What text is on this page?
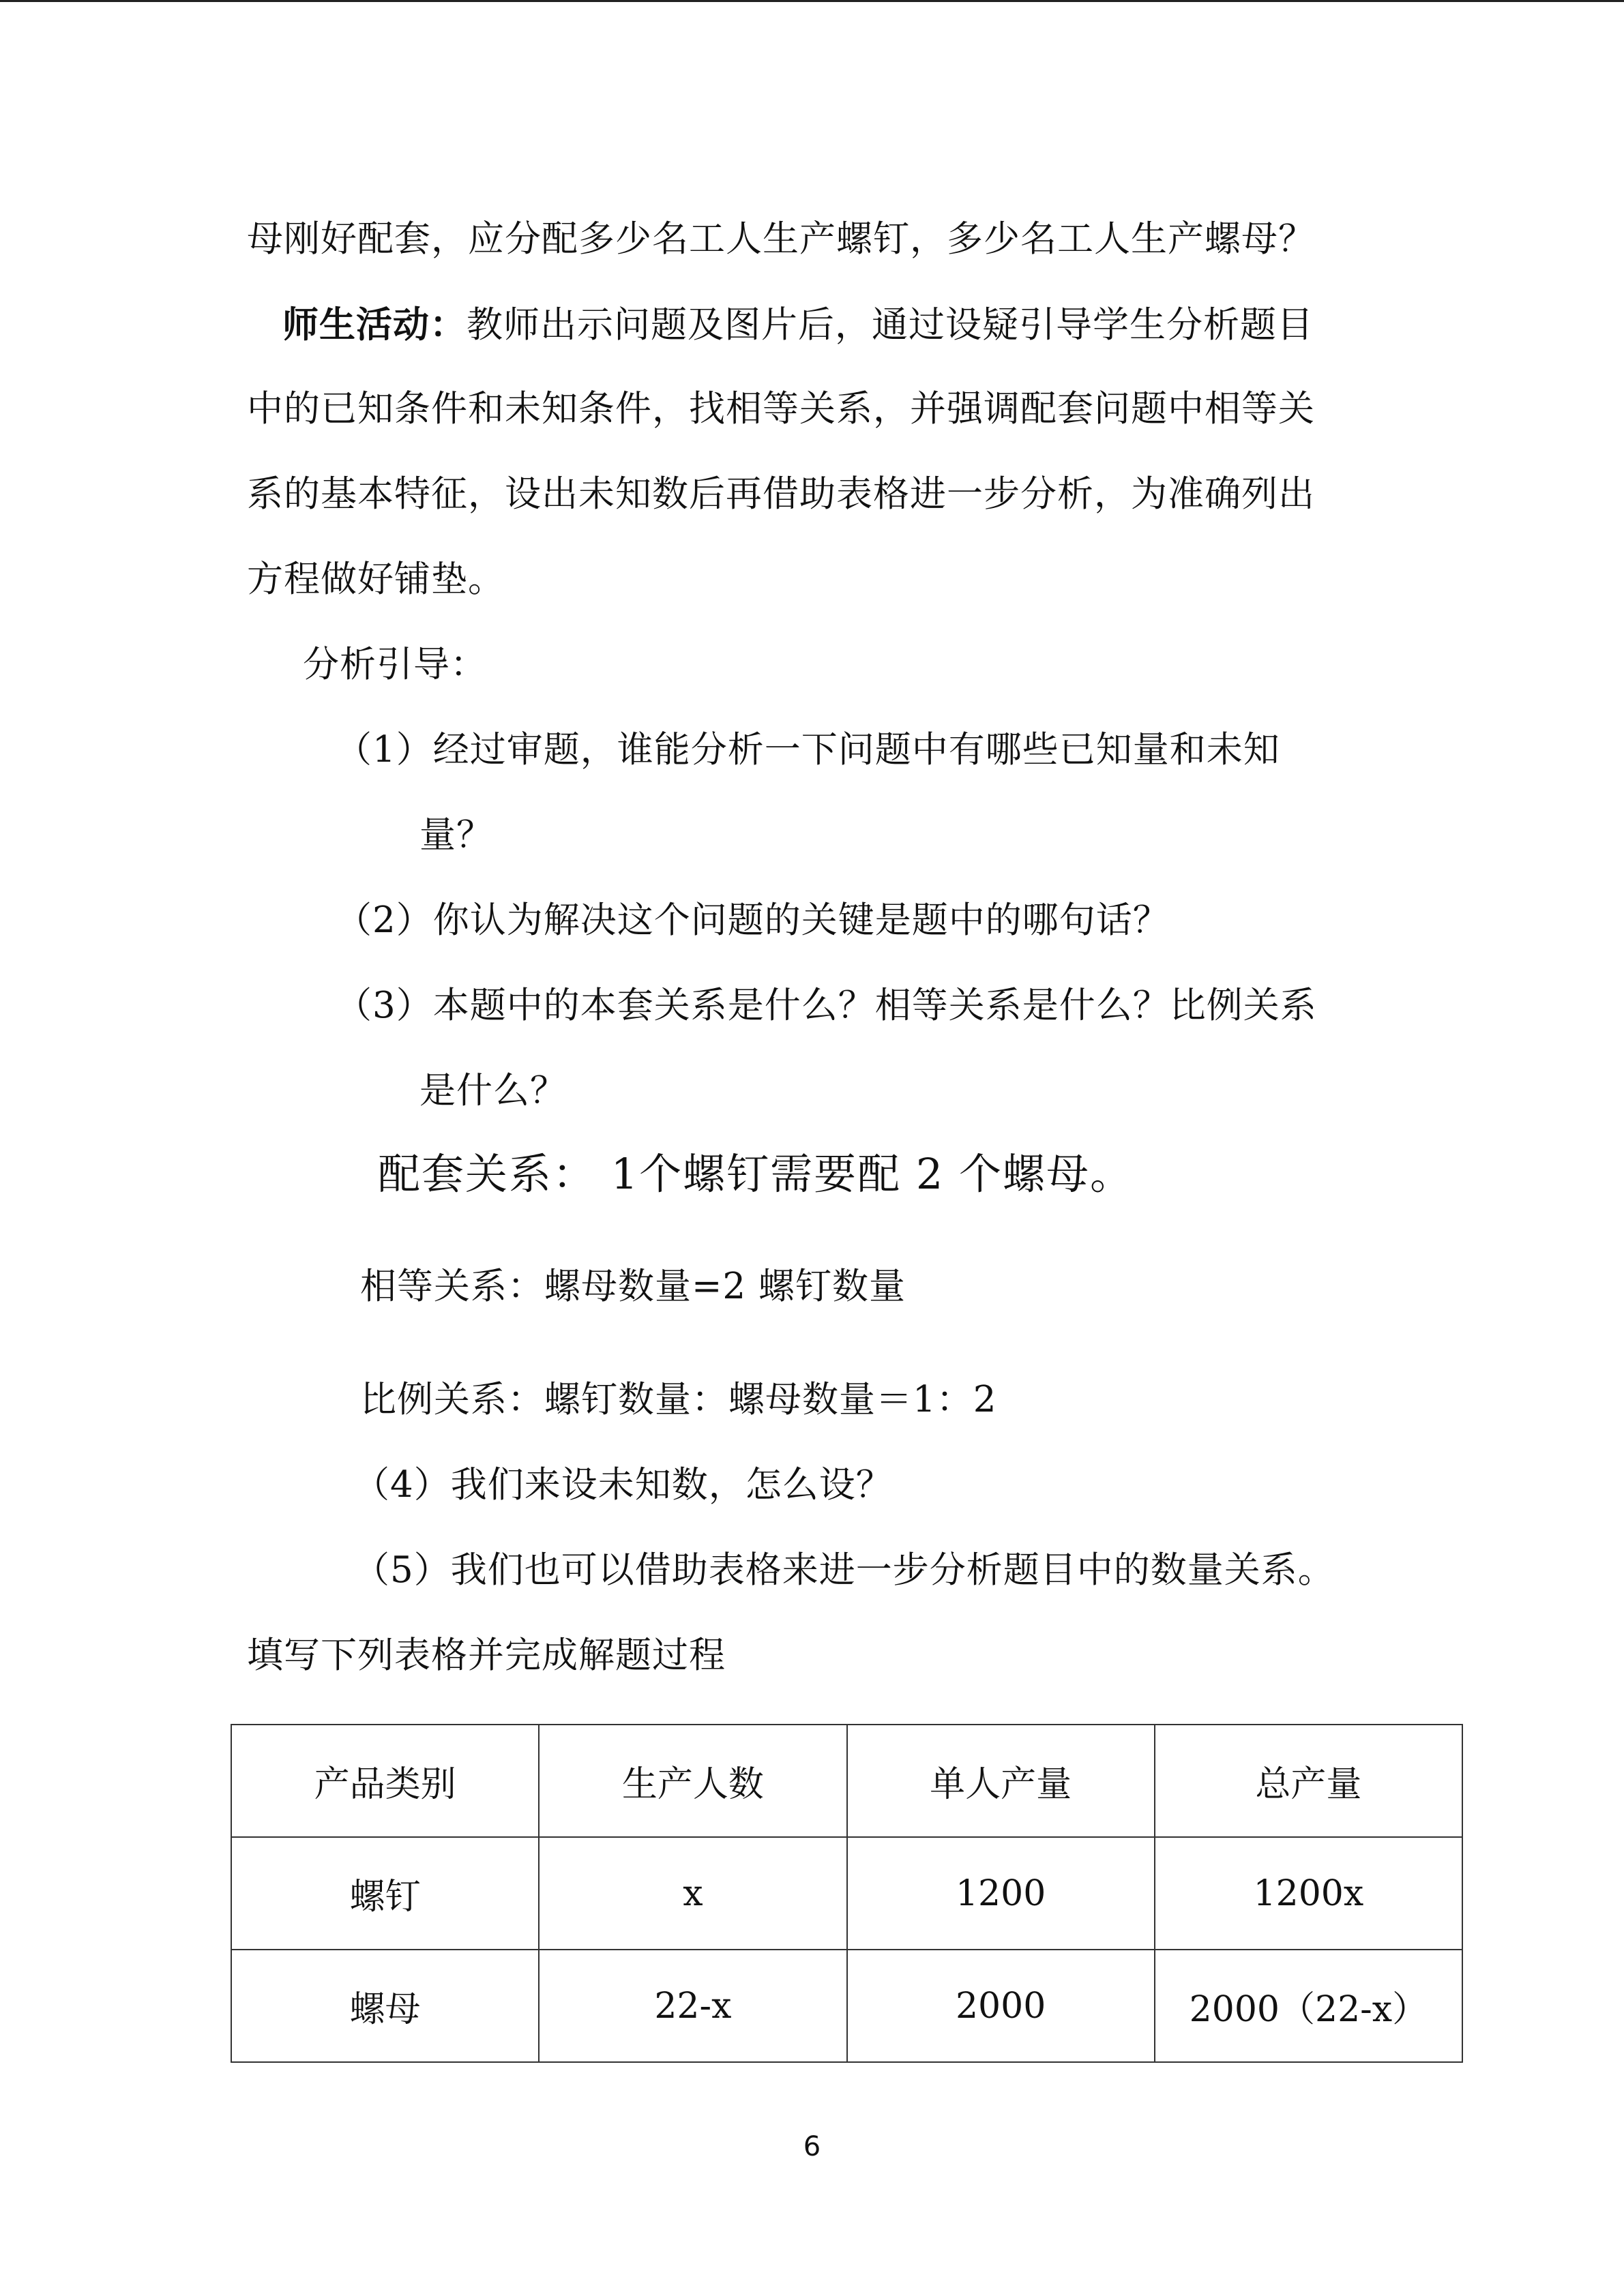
母刚好配套，应分配多少名工人生产螺钉，多少名工人生产螺母？
师生活动：教师出示问题及图片后，通过设疑引导学生分析题目
中的已知条件和未知条件，找相等关系，并强调配套问题中相等关
系的基本特征，设出未知数后再借助表格进一步分析，为准确列出
方程做好铺垫。
分析引导：
（1）经过审题，谁能分析一下问题中有哪些已知量和未知
量？
（2）你认为解决这个问题的关键是题中的哪句话？
（3）本题中的本套关系是什么？相等关系是什么？比例关系
是什么？
配套关系： 1个螺钉需要配 2 个螺母。
相等关系：螺母数量=2 螺钉数量
比例关系：螺钉数量：螺母数量＝1：2
（4）我们来设未知数，怎么设？
（5）我们也可以借助表格来进一步分析题目中的数量关系。
填写下列表格并完成解题过程
产品类别	生产人数	单人产量	总产量
螺钉	x	1200	1200x
螺母	22-x	2000	2000（22-x）
6
